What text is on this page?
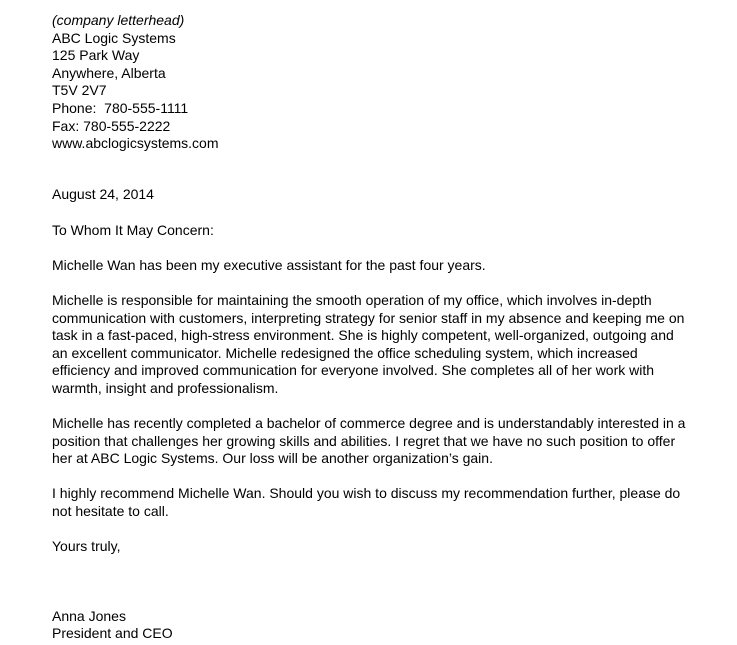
(company letterhead)
ABC Logic Systems
125 Park Way
Anywhere, Alberta
T5V 2V7
Phone:  780-555-1111
Fax: 780-555-2222
www.abclogicsystems.com
August 24, 2014
To Whom It May Concern:

Michelle Wan has been my executive assistant for the past four years.

Michelle is responsible for maintaining the smooth operation of my office, which involves in-depth communication with customers, interpreting strategy for senior staff in my absence and keeping me on task in a fast-paced, high-stress environment. She is highly competent, well-organized, outgoing and an excellent communicator. Michelle redesigned the office scheduling system, which increased efficiency and improved communication for everyone involved. She completes all of her work with warmth, insight and professionalism.

Michelle has recently completed a bachelor of commerce degree and is understandably interested in a position that challenges her growing skills and abilities. I regret that we have no such position to offer her at ABC Logic Systems. Our loss will be another organization’s gain.

I highly recommend Michelle Wan. Should you wish to discuss my recommendation further, please do not hesitate to call.

Yours truly,
Anna Jones
President and CEO
